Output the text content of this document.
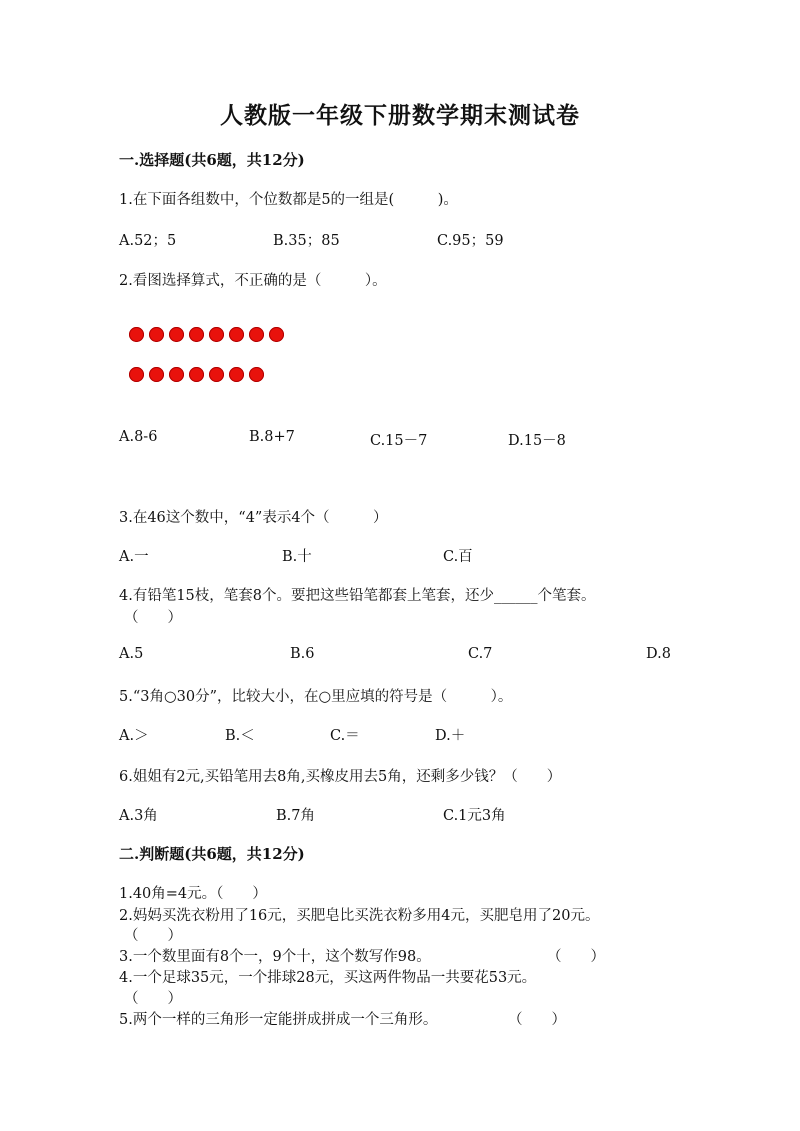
人教版一年级下册数学期末测试卷
一.选择题(共6题，共12分)
1.在下面各组数中，个位数都是5的一组是(　　　)。
A.52；5	B.35；85	C.95；59
2.看图选择算式，不正确的是（　　　）。
A.8-6	B.8+7	C.15－7	D.15－8
3.在46这个数中，“4”表示4个（　　　）
A.一	B.十	C.百
4.有铅笔15枝，笔套8个。要把这些铅笔都套上笔套，还少______个笔套。
（　　）
A.5	B.6	C.7	D.8
5.“3角○30分”，比较大小，在○里应填的符号是（　　　）。
A.＞	B.＜	C.＝	D.＋
6.姐姐有2元,买铅笔用去8角,买橡皮用去5角，还剩多少钱？（　　）
A.3角	B.7角	C.1元3角
二.判断题(共6题，共12分)
1.40角=4元。（　　）
2.妈妈买洗衣粉用了16元，买肥皂比买洗衣粉多用4元，买肥皂用了20元。
（　　）
3.一个数里面有8个一，9个十，这个数写作98。	（　　）
4.一个足球35元，一个排球28元，买这两件物品一共要花53元。
（　　）
5.两个一样的三角形一定能拼成拼成一个三角形。	（　　）
